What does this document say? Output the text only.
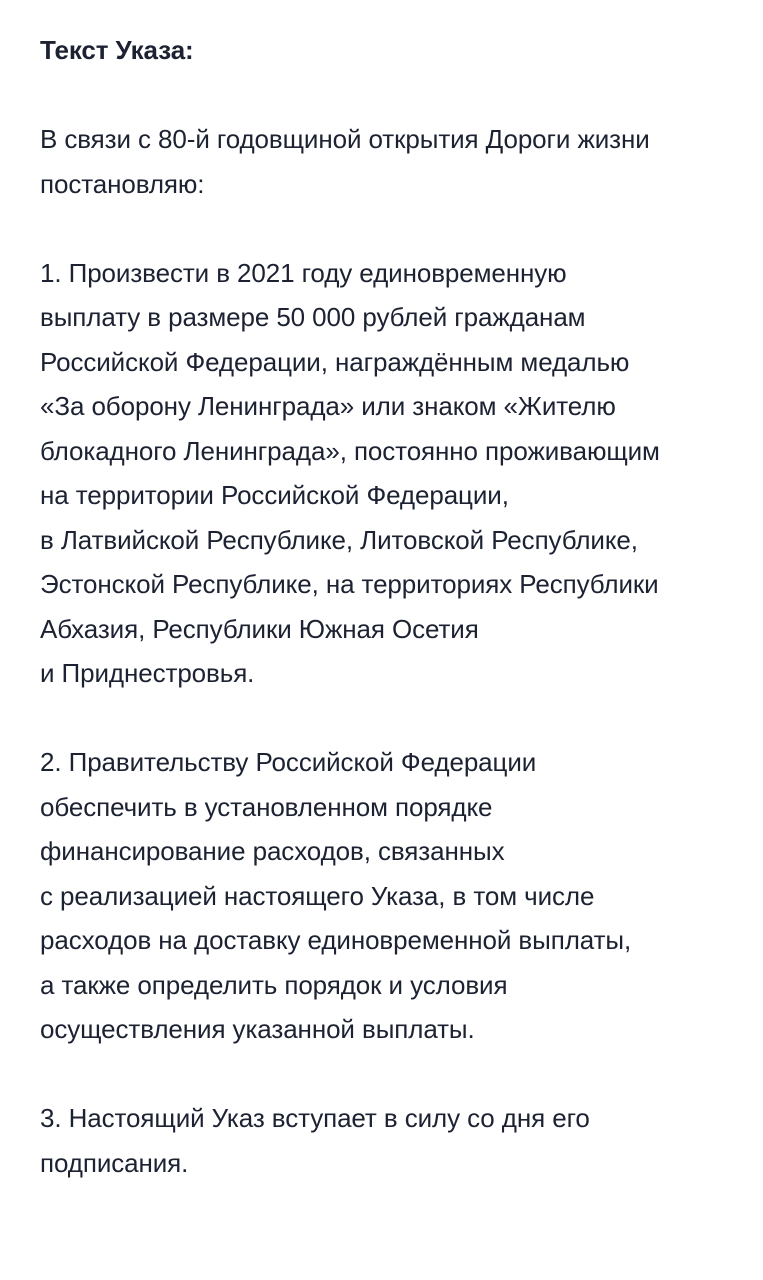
Текст Указа:
В связи с 80-й годовщиной открытия Дороги жизни
постановляю:
1. Произвести в 2021 году единовременную
выплату в размере 50 000 рублей гражданам
Российской Федерации, награждённым медалью
«За оборону Ленинграда» или знаком «Жителю
блокадного Ленинграда», постоянно проживающим
на территории Российской Федерации,
в Латвийской Республике, Литовской Республике,
Эстонской Республике, на территориях Республики
Абхазия, Республики Южная Осетия
и Приднестровья.
2. Правительству Российской Федерации
обеспечить в установленном порядке
финансирование расходов, связанных
с реализацией настоящего Указа, в том числе
расходов на доставку единовременной выплаты,
а также определить порядок и условия
осуществления указанной выплаты.
3. Настоящий Указ вступает в силу со дня его
подписания.
